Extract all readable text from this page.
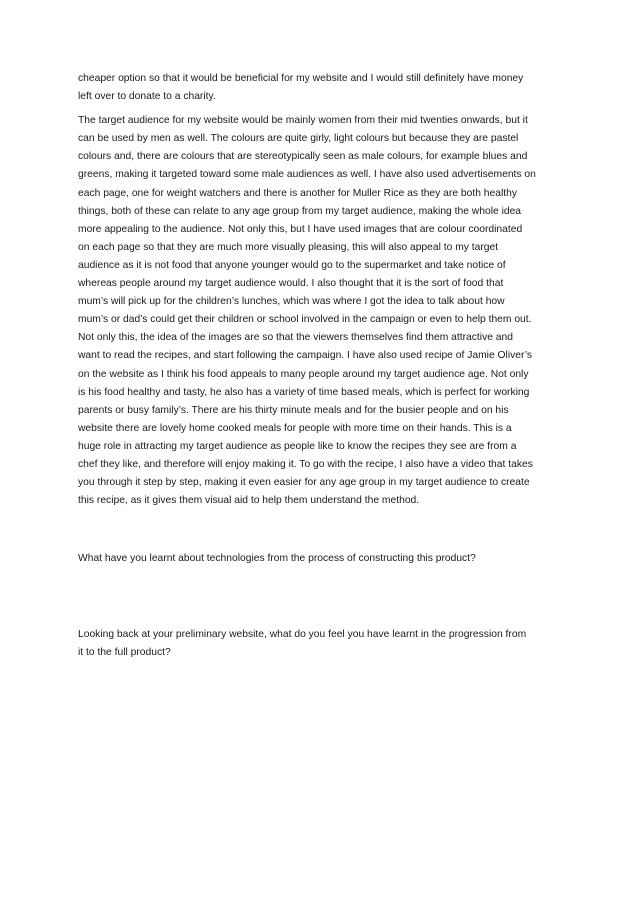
cheaper option so that it would be beneficial for my website and I would still definitely have money
left over to donate to a charity.

The target audience for my website would be mainly women from their mid twenties onwards, but it
can be used by men as well. The colours are quite girly, light colours but because they are pastel
colours and, there are colours that are stereotypically seen as male colours, for example blues and
greens, making it targeted toward some male audiences as well. I have also used advertisements on
each page, one for weight watchers and there is another for Muller Rice as they are both healthy
things, both of these can relate to any age group from my target audience, making the whole idea
more appealing to the audience. Not only this, but I have used images that are colour coordinated
on each page so that they are much more visually pleasing, this will also appeal to my target
audience as it is not food that anyone younger would go to the supermarket and take notice of
whereas people around my target audience would. I also thought that it is the sort of food that
mum’s will pick up for the children’s lunches, which was where I got the idea to talk about how
mum’s or dad’s could get their children or school involved in the campaign or even to help them out.
Not only this, the idea of the images are so that the viewers themselves find them attractive and
want to read the recipes, and start following the campaign. I have also used recipe of Jamie Oliver’s
on the website as I think his food appeals to many people around my target audience age. Not only
is his food healthy and tasty, he also has a variety of time based meals, which is perfect for working
parents or busy family’s. There are his thirty minute meals and for the busier people and on his
website there are lovely home cooked meals for people with more time on their hands. This is a
huge role in attracting my target audience as people like to know the recipes they see are from a
chef they like, and therefore will enjoy making it. To go with the recipe, I also have a video that takes
you through it step by step, making it even easier for any age group in my target audience to create
this recipe, as it gives them visual aid to help them understand the method.

What have you learnt about technologies from the process of constructing this product?

Looking back at your preliminary website, what do you feel you have learnt in the progression from
it to the full product?
